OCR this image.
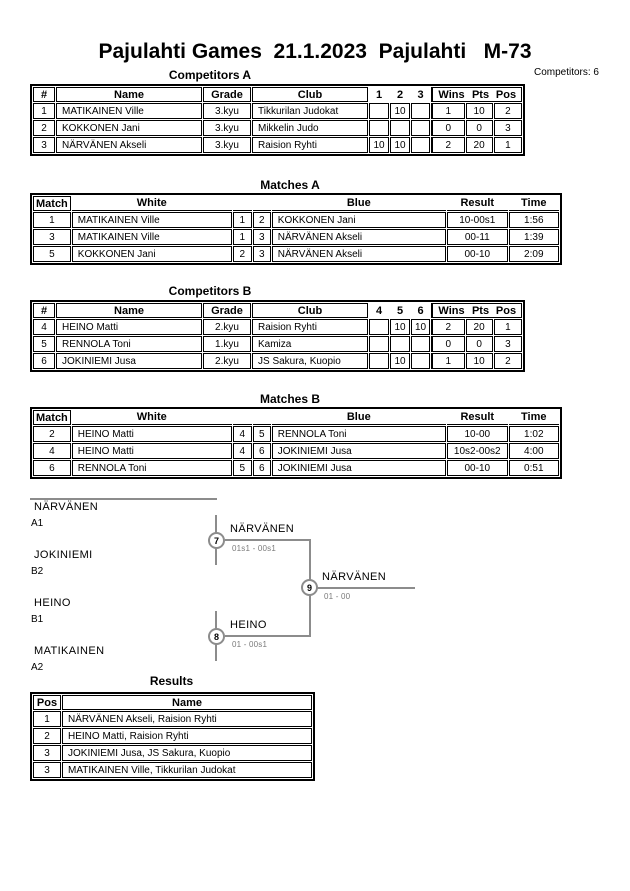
Pajulahti Games  21.1.2023  Pajulahti   M-73
Competitors: 6
Competitors A
#	Name	Grade	Club	1	2	3	Wins Pts Pos		

1	MATIKAINEN Ville	3.kyu	Tikkurilan Judokat		10		1	10	2
2	KOKKONEN Jani	3.kyu	Mikkelin Judo				0	0	3
3	NÄRVÄNEN Akseli	3.kyu	Raision Ryhti	10	10		2	20	1
Matches A
Match	White			Blue	Result	Time
1	MATIKAINEN Ville	1	2	KOKKONEN Jani	10-00s1	1:56
3	MATIKAINEN Ville	1	3	NÄRVÄNEN Akseli	00-11	1:39
5	KOKKONEN Jani	2	3	NÄRVÄNEN Akseli	00-10	2:09
Competitors B
#	Name	Grade	Club	4	5	6	Wins Pts Pos		

4	HEINO Matti	2.kyu	Raision Ryhti		10	10	2	20	1
5	RENNOLA Toni	1.kyu	Kamiza				0	0	3
6	JOKINIEMI Jusa	2.kyu	JS Sakura, Kuopio		10		1	10	2
Matches B
Match	White			Blue	Result	Time
2	HEINO Matti	4	5	RENNOLA Toni	10-00	1:02
4	HEINO Matti	4	6	JOKINIEMI Jusa	10s2-00s2	4:00
6	RENNOLA Toni	5	6	JOKINIEMI Jusa	00-10	0:51
NÄRVÄNEN
A1
JOKINIEMI
B2
HEINO
B1
MATIKAINEN
A2
NÄRVÄNEN
01s1 - 00s1
HEINO
01 - 00s1
NÄRVÄNEN
01 - 00
7
8
9
Results
Pos	Name
1	NÄRVÄNEN Akseli, Raision Ryhti
2	HEINO Matti, Raision Ryhti
3	JOKINIEMI Jusa, JS Sakura, Kuopio
3	MATIKAINEN Ville, Tikkurilan Judokat
